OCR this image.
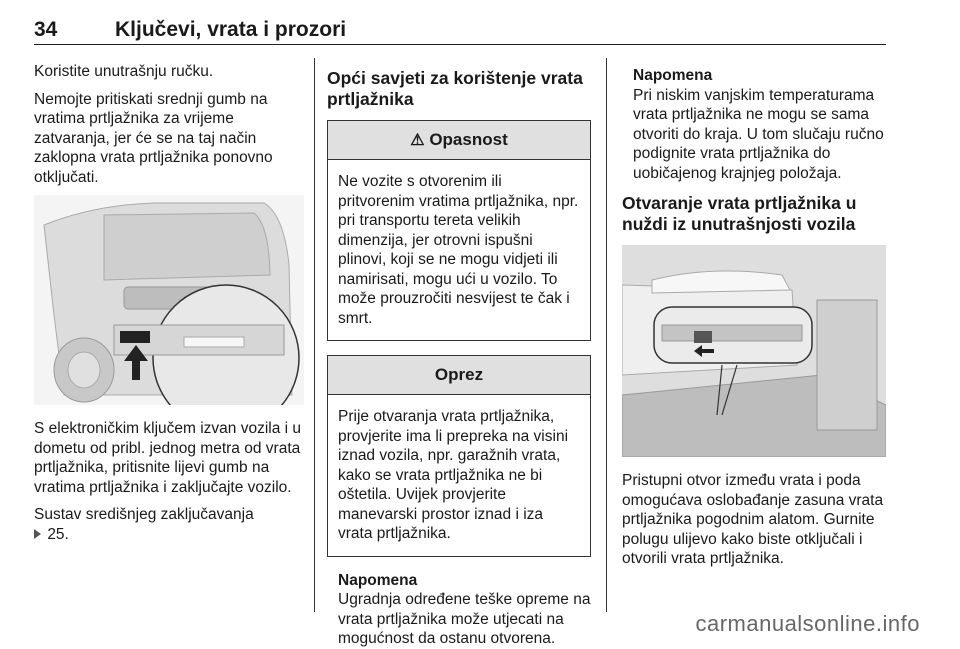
34	Ključevi, vrata i prozori

Koristite unutrašnju ručku.

Nemojte pritiskati srednji gumb na vratima prtljažnika za vrijeme zatvaranja, jer će se na taj način zaklopna vrata prtljažnika ponovno otključati.

S elektroničkim ključem izvan vozila i u dometu od pribl. jednog metra od vrata prtljažnika, pritisnite lijevi gumb na vratima prtljažnika i zaključajte vozilo.

Sustav središnjeg zaključavanja
25.

Opći savjeti za korištenje vrata prtljažnika
⚠ Opasnost
Ne vozite s otvorenim ili pritvorenim vratima prtljažnika, npr. pri transportu tereta velikih dimenzija, jer otrovni ispušni plinovi, koji se ne mogu vidjeti ili namirisati, mogu ući u vozilo. To može prouzročiti nesvijest te čak i smrt.
Oprez
Prije otvaranja vrata prtljažnika, provjerite ima li prepreka na visini iznad vozila, npr. garažnih vrata, kako se vrata prtljažnika ne bi oštetila. Uvijek provjerite manevarski prostor iznad i iza vrata prtljažnika.
Napomena
Ugradnja određene teške opreme na vrata prtljažnika može utjecati na mogućnost da ostanu otvorena.
Napomena
Pri niskim vanjskim temperaturama vrata prtljažnika ne mogu se sama otvoriti do kraja. U tom slučaju ručno podignite vrata prtljažnika do uobičajenog krajnjeg položaja.
Otvaranje vrata prtljažnika u nuždi iz unutrašnjosti vozila

Pristupni otvor između vrata i poda omogućava oslobađanje zasuna vrata prtljažnika pogodnim alatom. Gurnite polugu ulijevo kako biste otključali i otvorili vrata prtljažnika.

carmanualsonline.info
